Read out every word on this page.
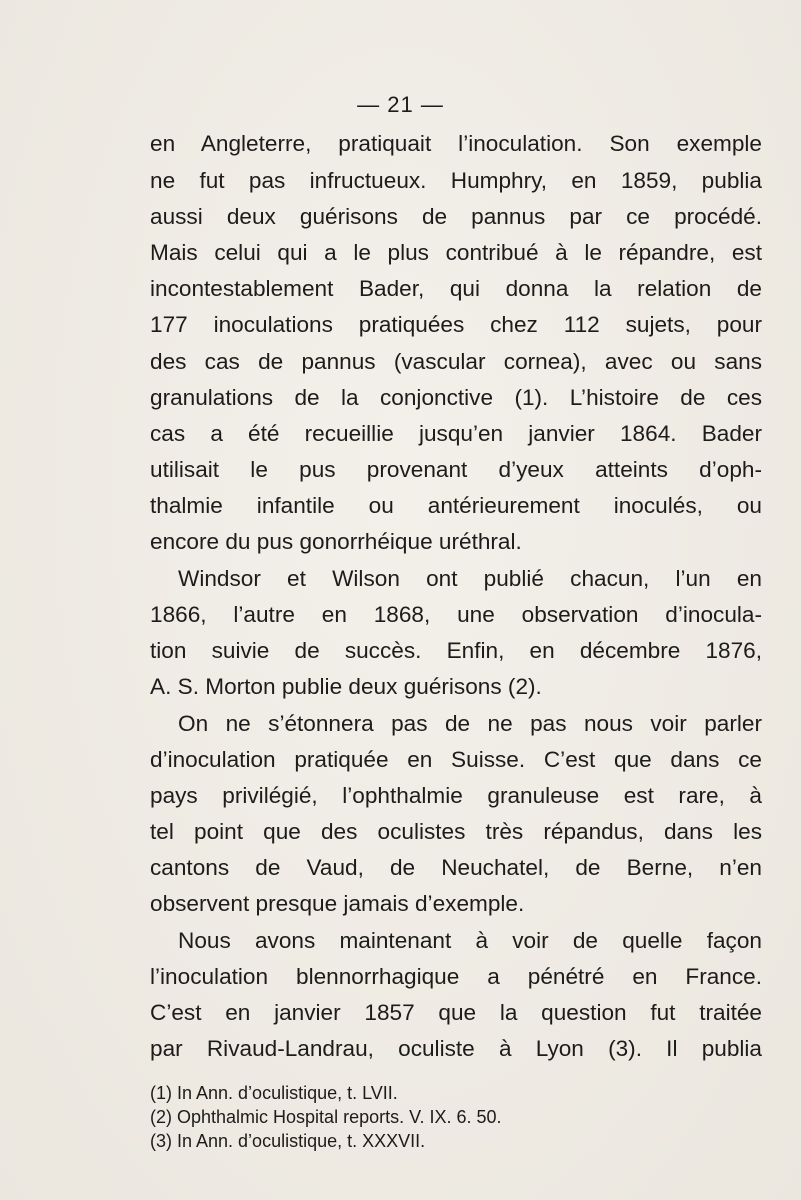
— 21 —
en Angleterre, pratiquait l’inoculation. Son exemple
ne fut pas infructueux. Humphry, en 1859, publia
aussi deux guérisons de pannus par ce procédé.
Mais celui qui a le plus contribué à le répandre, est
incontestablement Bader, qui donna la relation de
177 inoculations pratiquées chez 112 sujets, pour
des cas de pannus (vascular cornea), avec ou sans
granulations de la conjonctive (1). L’histoire de ces
cas a été recueillie jusqu’en janvier 1864. Bader
utilisait le pus provenant d’yeux atteints d’oph-
thalmie infantile ou antérieurement inoculés, ou
encore du pus gonorrhéique uréthral.
Windsor et Wilson ont publié chacun, l’un en
1866, l’autre en 1868, une observation d’inocula-
tion suivie de succès. Enfin, en décembre 1876,
A. S. Morton publie deux guérisons (2).
On ne s’étonnera pas de ne pas nous voir parler
d’inoculation pratiquée en Suisse. C’est que dans ce
pays privilégié, l’ophthalmie granuleuse est rare, à
tel point que des oculistes très répandus, dans les
cantons de Vaud, de Neuchatel, de Berne, n’en
observent presque jamais d’exemple.
Nous avons maintenant à voir de quelle façon
l’inoculation blennorrhagique a pénétré en France.
C’est en janvier 1857 que la question fut traitée
par Rivaud-Landrau, oculiste à Lyon (3). Il publia
(1) In Ann. d’oculistique, t. LVII.
(2) Ophthalmic Hospital reports. V. IX. 6. 50.
(3) In Ann. d’oculistique, t. XXXVII.
